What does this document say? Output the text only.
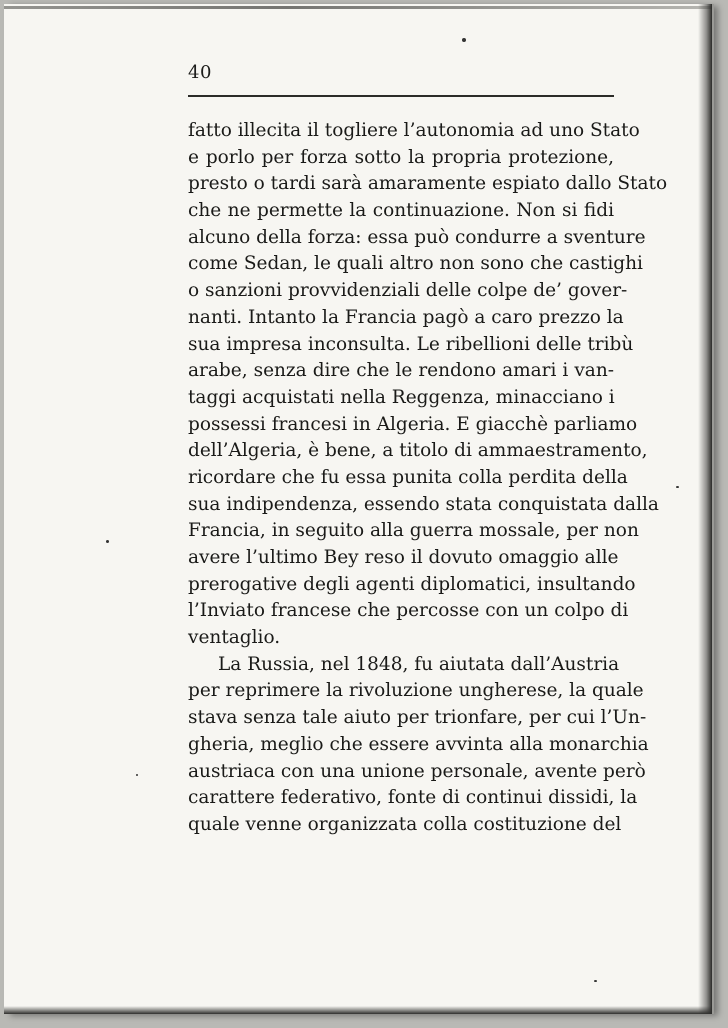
40
fatto illecita il togliere l’autonomia ad uno Stato
e porlo per forza sotto la propria protezione,
presto o tardi sarà amaramente espiato dallo Stato
che ne permette la continuazione. Non si fidi
alcuno della forza: essa può condurre a sventure
come Sedan, le quali altro non sono che castighi
o sanzioni provvidenziali delle colpe de’ gover-
nanti. Intanto la Francia pagò a caro prezzo la
sua impresa inconsulta. Le ribellioni delle tribù
arabe, senza dire che le rendono amari i van-
taggi acquistati nella Reggenza, minacciano i
possessi francesi in Algeria. E giacchè parliamo
dell’Algeria, è bene, a titolo di ammaestramento,
ricordare che fu essa punita colla perdita della
sua indipendenza, essendo stata conquistata dalla
Francia, in seguito alla guerra mossale, per non
avere l’ultimo Bey reso il dovuto omaggio alle
prerogative degli agenti diplomatici, insultando
l’Inviato francese che percosse con un colpo di
ventaglio.
La Russia, nel 1848, fu aiutata dall’Austria
per reprimere la rivoluzione ungherese, la quale
stava senza tale aiuto per trionfare, per cui l’Un-
gheria, meglio che essere avvinta alla monarchia
austriaca con una unione personale, avente però
carattere federativo, fonte di continui dissidi, la
quale venne organizzata colla costituzione del
